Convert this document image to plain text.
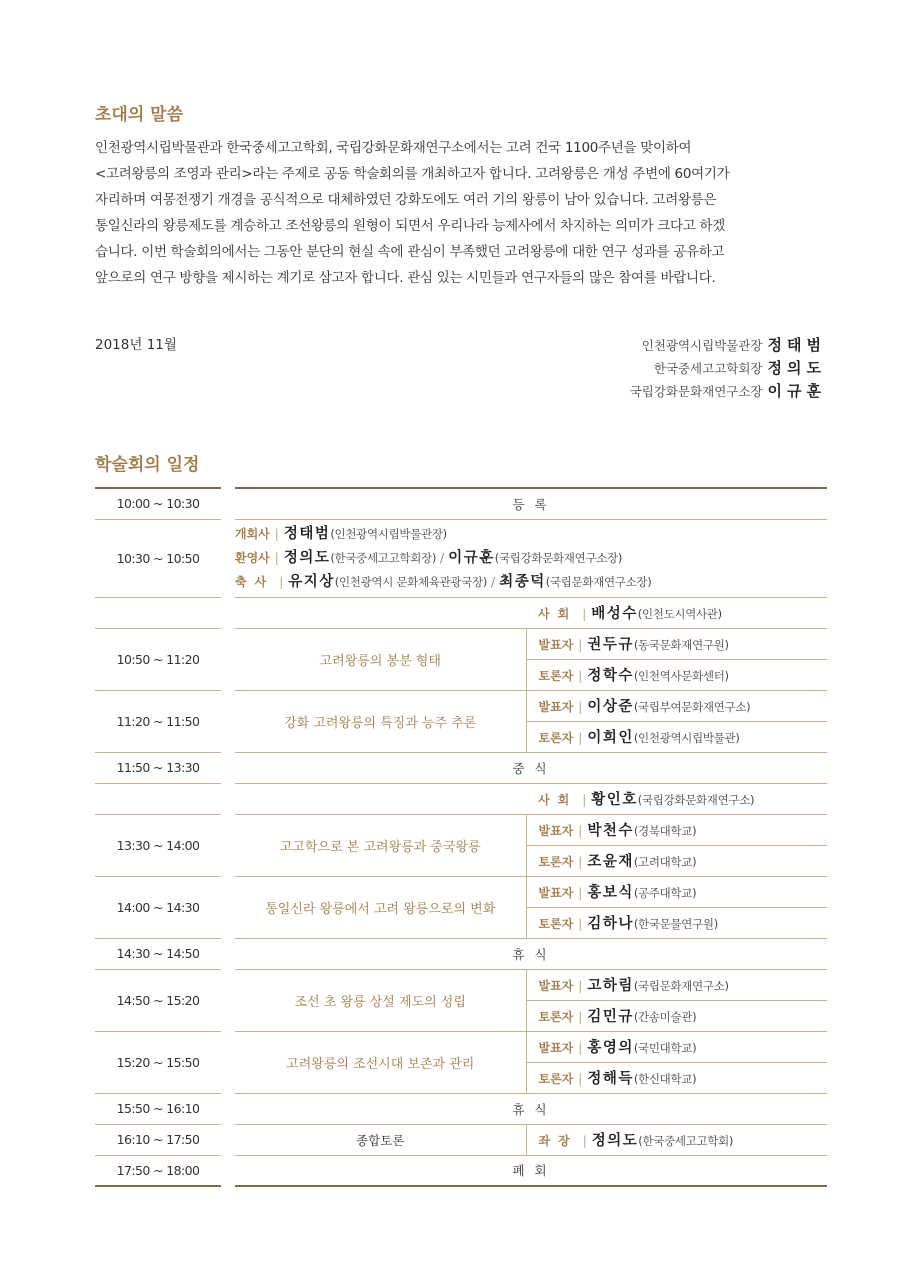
초대의 말씀
인천광역시립박물관과 한국중세고고학회, 국립강화문화재연구소에서는 고려 건국 1100주년을 맞이하여
<고려왕릉의 조영과 관리>라는 주제로 공동 학술회의를 개최하고자 합니다. 고려왕릉은 개성 주변에 60여기가
자리하며 여몽전쟁기 개경을 공식적으로 대체하였던 강화도에도 여러 기의 왕릉이 남아 있습니다. 고려왕릉은
통일신라의 왕릉제도를 계승하고 조선왕릉의 원형이 되면서 우리나라 능제사에서 차지하는 의미가 크다고 하겠
습니다. 이번 학술회의에서는 그동안 분단의 현실 속에 관심이 부족했던 고려왕릉에 대한 연구 성과를 공유하고
앞으로의 연구 방향을 제시하는 계기로 삼고자 합니다. 관심 있는 시민들과 연구자들의 많은 참여를 바랍니다.
2018년 11월	인천광역시립박물관장 정태범
한국중세고고학회장 정의도
국립강화문화재연구소장 이규훈
학술회의 일정
10:00 ~ 10:30	등 록	
10:30 ~ 10:50	개회사 | 정태범(인천광역시립박물관장)
환영사 | 정의도(한국중세고고학회장) / 이규훈(국립강화문화재연구소장)
축사 | 유지상(인천광역시 문화체육관광국장) / 최종덕(국립문화재연구소장)	

		사회 | 배성수(인천도시역사관)
10:50 ~ 11:20	고려왕릉의 봉분 형태	발표자 | 권두규(동국문화재연구원)
		토론자 | 정학수(인천역사문화센터)
11:20 ~ 11:50	강화 고려왕릉의 특징과 능주 추론	발표자 | 이상준(국립부여문화재연구소)
		토론자 | 이희인(인천광역시립박물관)
11:50 ~ 13:30	중 식	
		사회 | 황인호(국립강화문화재연구소)
13:30 ~ 14:00	고고학으로 본 고려왕릉과 중국왕릉	발표자 | 박천수(경북대학교)
		토론자 | 조윤재(고려대학교)
14:00 ~ 14:30	통일신라 왕릉에서 고려 왕릉으로의 변화	발표자 | 홍보식(공주대학교)
		토론자 | 김하나(한국문물연구원)
14:30 ~ 14:50	휴 식	
14:50 ~ 15:20	조선 초 왕릉 상설 제도의 성립	발표자 | 고하림(국립문화재연구소)
		토론자 | 김민규(간송미술관)
15:20 ~ 15:50	고려왕릉의 조선시대 보존과 관리	발표자 | 홍영의(국민대학교)
		토론자 | 정해득(한신대학교)
15:50 ~ 16:10	휴 식	
16:10 ~ 17:50	종합토론	좌장 | 정의도(한국중세고고학회)
17:50 ~ 18:00	폐 회	
